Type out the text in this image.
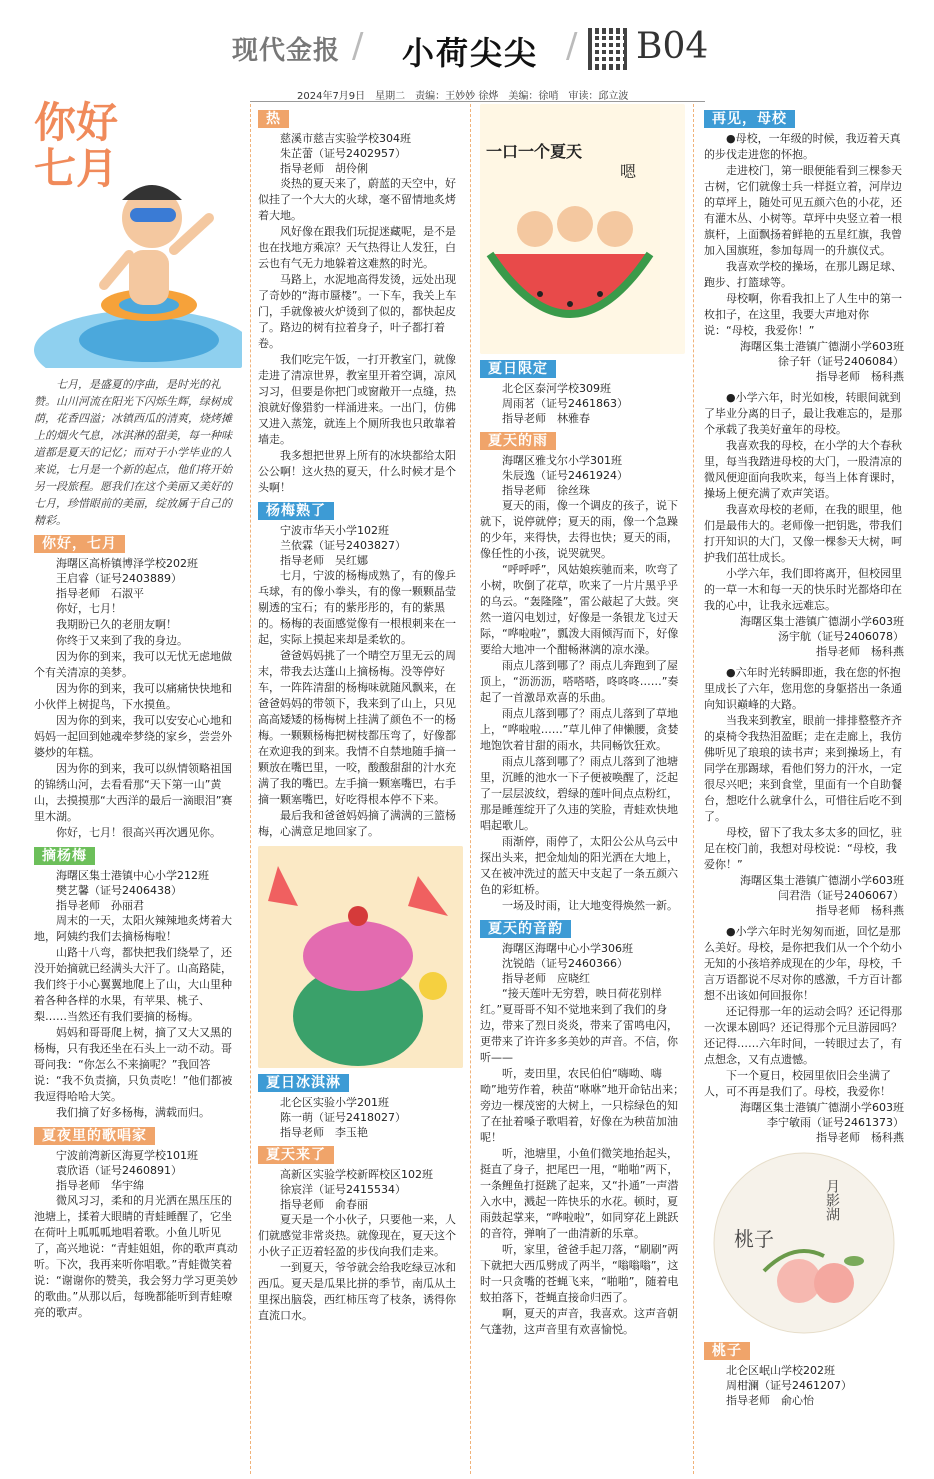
现代金报 / 小荷尖尖 / B04
2024年7月9日　星期二　责编：王妙妙 徐烨　美编：徐哨　审读：邱立波
你好
七月
七月，是盛夏的序曲，是时光的礼赞。山川河流在阳光下闪烁生辉，绿树成荫，花香四溢；冰镇西瓜的清爽，烧烤摊上的烟火气息，冰淇淋的甜美，每一种味道都是夏天的记忆；而对于小学毕业的人来说，七月是一个新的起点，他们将开始另一段旅程。愿我们在这个美丽又美好的七月，珍惜眼前的美丽，绽放属于自己的精彩。
你好，七月

海曙区高桥镇博泽学校202班

王启睿（证号2403889）

指导老师　石淑平

你好，七月！

我期盼已久的老朋友啊！

你终于又来到了我的身边。

因为你的到来，我可以无忧无虑地做个有关清凉的美梦。

因为你的到来，我可以痛痛快快地和小伙伴上树捉鸟，下水摸鱼。

因为你的到来，我可以安安心心地和妈妈一起回到她魂牵梦绕的家乡，尝尝外婆炒的年糕。

因为你的到来，我可以纵情领略祖国的锦绣山河，去看看那“天下第一山”黄山，去摸摸那“大西洋的最后一滴眼泪”赛里木湖。

你好，七月！很高兴再次遇见你。

摘杨梅

海曙区集士港镇中心小学212班

樊艺馨（证号2406438）

指导老师　孙丽君

周末的一天，太阳火辣辣地炙烤着大地，阿姨约我们去摘杨梅啦！

山路十八弯，都快把我们绕晕了，还没开始摘就已经满头大汗了。山高路陡，我们终于小心翼翼地爬上了山，大山里种着各种各样的水果，有苹果、桃子、梨……当然还有我们要摘的杨梅。

妈妈和哥哥爬上树，摘了又大又黑的杨梅，只有我还坐在石头上一动不动。哥哥问我：“你怎么不来摘呢？”我回答说：“我不负责摘，只负责吃！”他们都被我逗得哈哈大笑。

我们摘了好多杨梅，满载而归。

夏夜里的歌唱家

宁波前湾新区海夏学校101班

袁欣语（证号2460891）

指导老师　华宇绵

微风习习，柔和的月光洒在黑压压的池塘上，揉着大眼睛的青蛙睡醒了，它坐在荷叶上呱呱呱地唱着歌。小鱼儿听见了，高兴地说：“青蛙姐姐，你的歌声真动听。下次，我再来听你唱歌。”青蛙微笑着说：“谢谢你的赞美，我会努力学习更美妙的歌曲。”从那以后，每晚都能听到青蛙嘹亮的歌声。

热

慈溪市慈吉实验学校304班

朱芷蕾（证号2402957）

指导老师　胡伶俐

炎热的夏天来了，蔚蓝的天空中，好似挂了一个大大的火球，毫不留情地炙烤着大地。

风好像在跟我们玩捉迷藏呢，是不是也在找地方乘凉？天气热得让人发狂，白云也有气无力地躲着这难熬的时光。

马路上，水泥地高得发烫，远处出现了奇妙的“海市蜃楼”。一下车，我关上车门，手就像被火炉烫到了似的，都快起皮了。路边的树有拉着身子，叶子都打着卷。

我们吃完午饭，一打开教室门，就像走进了清凉世界，教室里开着空调，凉风习习，但要是你把门或窗敞开一点缝，热浪就好像猎豹一样涌进来。一出门，仿佛又进入蒸笼，就连上个厕所我也只敢靠着墙走。

我多想把世界上所有的冰块都给太阳公公啊！这火热的夏天，什么时候才是个头啊！

杨梅熟了

宁波市华天小学102班

兰依霖（证号2403827）

指导老师　吴红娜

七月，宁波的杨梅成熟了，有的像乒乓球，有的像小拳头，有的像一颗颗晶莹剔透的宝石；有的紫彤彤的，有的紫黑的。杨梅的表面感觉像有一根根刺来在一起，实际上摸起来却是柔软的。

爸爸妈妈挑了一个晴空万里无云的周末，带我去达蓬山上摘杨梅。没等停好车，一阵阵清甜的杨梅味就随风飘来，在爸爸妈妈的带领下，我来到了山上，只见高高矮矮的杨梅树上挂满了颜色不一的杨梅。一颗颗杨梅把树枝都压弯了，好像都在欢迎我的到来。我情不自禁地随手摘一颗放在嘴巴里，一咬，酸酸甜甜的汁水充满了我的嘴巴。左手摘一颗塞嘴巴，右手摘一颗塞嘴巴，好吃得根本停不下来。

最后我和爸爸妈妈摘了满满的三篮杨梅，心满意足地回家了。

夏日冰淇淋

北仑区实验小学201班

陈一萌（证号2418027）

指导老师　李玉艳

夏天来了

高新区实验学校新晖校区102班

徐宸洋（证号2415534）

指导老师　俞春丽

夏天是一个小伙子，只要他一来，人们就感觉非常炎热。就像现在，夏天这个小伙子正迈着轻盈的步伐向我们走来。

一到夏天，爷爷就会给我吃绿豆冰和西瓜。夏天是瓜果比拼的季节，南瓜从土里探出脑袋，西红柿压弯了枝条，诱得你直流口水。

一口一个夏天
嗯
夏日限定

北仑区泰河学校309班

周雨茗（证号2461863）

指导老师　林雅春

夏天的雨

海曙区雅戈尔小学301班

朱辰逸（证号2461924）

指导老师　徐丝珠

夏天的雨，像一个调皮的孩子，说下就下，说停就停；夏天的雨，像一个急躁的少年，来得快，去得也快；夏天的雨，像任性的小孩，说哭就哭。

“呼呼呼”，风姑娘疾驰而来，吹弯了小树，吹倒了花草，吹来了一片片黑乎乎的乌云。“轰隆隆”，雷公敲起了大鼓。突然一道闪电划过，好像是一条银龙飞过天际，“哗啦啦”，瓢泼大雨倾泻而下，好像要给大地冲一个酣畅淋漓的凉水澡。

雨点儿落到哪了？雨点儿奔跑到了屋顶上，“沥沥沥，嗒嗒嗒，咚咚咚……”奏起了一首激昂欢喜的乐曲。

雨点儿落到哪了？雨点儿落到了草地上，“哗啦啦……”草儿伸了伸懒腰，贪婪地饱饮着甘甜的雨水，共同畅饮狂欢。

雨点儿落到哪了？雨点儿落到了池塘里，沉睡的池水一下子便被唤醒了，泛起了一层层波纹，碧绿的莲叶间点点粉红，那是睡莲绽开了久违的笑脸，青蛙欢快地唱起歌儿。

雨渐停，雨停了，太阳公公从乌云中探出头来，把金灿灿的阳光洒在大地上，又在被冲洗过的蓝天中支起了一条五颜六色的彩虹桥。

一场及时雨，让大地变得焕然一新。

夏天的音韵

海曙区海曙中心小学306班

沈锐皓（证号2460366）

指导老师　应晓红

“接天莲叶无穷碧，映日荷花别样红。”夏哥哥不知不觉地来到了我们的身边，带来了烈日炎炎，带来了雷鸣电闪，更带来了许许多多美妙的声音。不信，你听——

听，麦田里，农民伯伯“嗨呦、嗨呦”地劳作着，秧苗“咻咻”地开命钻出来；旁边一棵茂密的大树上，一只棕绿色的知了在扯着嗓子歌唱着，好像在为秧苗加油呢！

听，池塘里，小鱼们微笑地抬起头，挺直了身子，把尾巴一甩，“啪啪”两下，一条鲤鱼打挺跳了起来，又“扑通”一声潜入水中，溅起一阵快乐的水花。顿时，夏雨鼓起掌来，“哗啦啦”，如同穿花上跳跃的音符，弹响了一曲清新的乐章。

听，家里，爸爸手起刀落，“刷刷”两下就把大西瓜劈成了两半，“嗡嗡嗡”，这时一只贪嘴的苍蝇飞来，“啪啪”，随着电蚊拍落下，苍蝇直接命归西了。

啊，夏天的声音，我喜欢。这声音朝气蓬勃，这声音里有欢喜愉悦。

再见，母校

●母校，一年级的时候，我迈着天真的步伐走进您的怀抱。

走进校门，第一眼便能看到三棵参天古树，它们就像士兵一样挺立着，河岸边的草坪上，随处可见五颜六色的小花，还有灌木丛、小树等。草坪中央竖立着一根旗杆，上面飘扬着鲜艳的五星红旗，我曾加入国旗班，参加每周一的升旗仪式。

我喜欢学校的操场，在那儿踢足球、跑步、打篮球等。

母校啊，你看我扣上了人生中的第一枚扣子，在这里，我要大声地对你说：“母校，我爱你！”

海曙区集士港镇广德湖小学603班

徐子轩（证号2406084）

指导老师　杨科燕

●小学六年，时光如梭，转眼间就到了毕业分离的日子，最让我难忘的，是那个承载了我美好童年的母校。

我喜欢我的母校，在小学的大个春秋里，每当我踏进母校的大门，一股清凉的微风便迎面向我吹来，每当上体育课时，操场上便充满了欢声笑语。

我喜欢母校的老师，在我的眼里，他们是最伟大的。老师像一把钥匙，带我们打开知识的大门，又像一棵参天大树，呵护我们茁壮成长。

小学六年，我们即将离开，但校园里的一草一木和每一天的快乐时光都烙印在我的心中，让我永远难忘。

海曙区集士港镇广德湖小学603班

汤宇航（证号2406078）

指导老师　杨科燕

●六年时光转瞬即逝，我在您的怀抱里成长了六年，您用您的身躯搭出一条通向知识巅峰的大路。

当我来到教室，眼前一排排整整齐齐的桌椅令我热泪盈眶；走在走廊上，我仿佛听见了琅琅的读书声；来到操场上，有同学在那踢球，看他们努力的汗水，一定很尽兴吧；来到食堂，里面有一个自助餐台，想吃什么就拿什么，可惜往后吃不到了。

母校，留下了我太多太多的回忆，驻足在校门前，我想对母校说：“母校，我爱你！”

海曙区集士港镇广德湖小学603班

闫君浩（证号2406067）

指导老师　杨科燕

●小学六年时光匆匆而逝，回忆是那么美好。母校，是你把我们从一个个幼小无知的小孩培养成现在的少年，母校，千言万语都说不尽对你的感激，千方百计都想不出该如何回报你！

还记得那一年的运动会吗？还记得那一次课本剧吗？还记得那个元旦游园吗？还记得……六年时间，一转眼过去了，有点想念，又有点遗憾。

下一个夏日，校园里依旧会坐满了人，可不再是我们了。母校，我爱你！

海曙区集士港镇广德湖小学603班

李宁敏雨（证号2461373）

指导老师　杨科燕

桃子
月影湖
桃子

北仑区岷山学校202班

周柑澜（证号2461207）

指导老师　俞心怡
